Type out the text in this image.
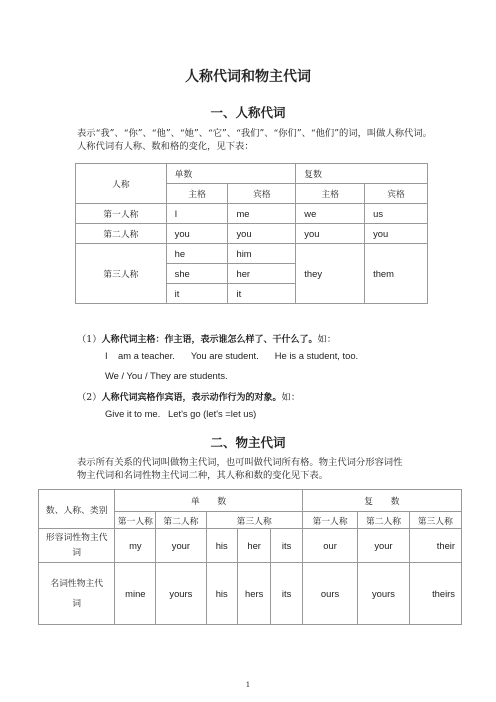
人称代词和物主代词
一、人称代词
表示“我”、“你”、“他”、“她”、“它”、“我们”、“你们”、“他们”的词，叫做人称代词。
人称代词有人称、数和格的变化，见下表：
人称	单数		复数	
	主格	宾格	主格	宾格
第一人称	I	me	we	us
第二人称	you	you	you	you
第三人称	he	him	they	them
	she	her		
	it	it		
（1）人称代词主格：作主语，表示谁怎么样了、干什么了。如：
I    am a teacher. You are student. He is a student, too.
We / You / They are students.
（2）人称代词宾格作宾语，表示动作行为的对象。如：
Give it to me.   Let's go (let's =let us)
二、物主代词
表示所有关系的代词叫做物主代词，也可叫做代词所有格。物主代词分形容词性
物主代词和名词性物主代词二种，其人称和数的变化见下表。
数、人称、类别	单　　数					复　　数		
	第一人称	第二人称	第三人称			第一人称	第二人称	第三人称
形容词性物主代词	my	your	his	her	its	our	your	their
名词性物主代词	mine	yours	his	hers	its	ours	yours	theirs
1
